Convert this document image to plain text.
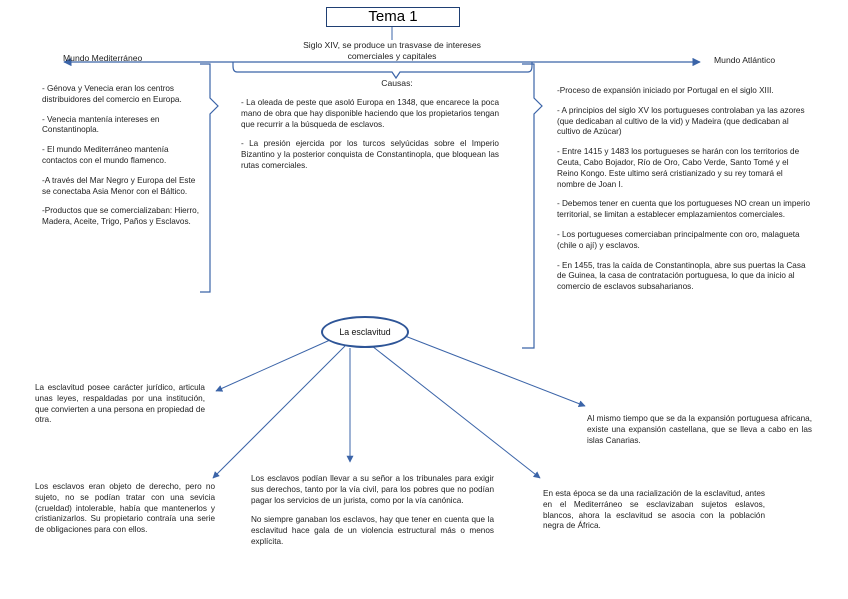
Tema 1
Mundo Mediterráneo	Mundo Atlántico
Siglo XIV, se produce un trasvase de intereses
comerciales y capitales
Causas:

- La oleada de peste que asoló Europa en 1348, que encarece la poca mano de obra que hay disponible haciendo que los propietarios tengan que recurrir a la búsqueda de esclavos.

- La presión ejercida por los turcos selyúcidas sobre el Imperio Bizantino y la posterior conquista de Constantinopla, que bloquean las rutas comerciales.

- Génova y Venecia eran los centros distribuidores del comercio en Europa.

- Venecia mantenía intereses en Constantinopla.

- El mundo Mediterráneo mantenía contactos con el mundo flamenco.

-A través del Mar Negro y Europa del Este se conectaba Asia Menor con el Báltico.

-Productos que se comercializaban: Hierro, Madera, Aceite, Trigo, Paños y Esclavos.

-Proceso de expansión iniciado por Portugal en el siglo XIII.

- A principios del siglo XV los portugueses controlaban ya las azores (que dedicaban al cultivo de la vid) y Madeira (que dedicaban al cultivo de Azúcar)

- Entre 1415 y 1483 los portugueses se harán con los territorios de Ceuta, Cabo Bojador, Río de Oro, Cabo Verde, Santo Tomé y el Reino Kongo. Este ultimo será cristianizado y su rey tomará el nombre de Joan I.

- Debemos tener en cuenta que los portugueses NO crean un imperio territorial, se limitan a establecer emplazamientos comerciales.

- Los portugueses comerciaban principalmente con oro, malagueta (chile o ají) y esclavos.

- En 1455, tras la caída de Constantinopla, abre sus puertas la Casa de Guinea, la casa de contratación portuguesa, lo que da inicio al comercio de esclavos subsaharianos.

La esclavitud
La esclavitud posee carácter jurídico, articula unas leyes, respaldadas por una institución, que convierten a una persona en propiedad de otra.
Los esclavos eran objeto de derecho, pero no sujeto, no se podían tratar con una sevicia (crueldad) intolerable, había que mantenerlos y cristianizarlos. Su propietario contraía una serie de obligaciones para con ellos.

Los esclavos podían llevar a su señor a los tribunales para exigir sus derechos, tanto por la vía civil, para los pobres que no podían pagar los servicios de un jurista, como por la vía canónica.

No siempre ganaban los esclavos, hay que tener en cuenta que la esclavitud hace gala de un violencia estructural más o menos explícita.

En esta época se da una racialización de la esclavitud, antes en el Mediterráneo se esclavizaban sujetos eslavos, blancos, ahora la esclavitud se asocia con la población negra de África.
Al mismo tiempo que se da la expansión portuguesa africana, existe una expansión castellana, que se lleva a cabo en las islas Canarias.
